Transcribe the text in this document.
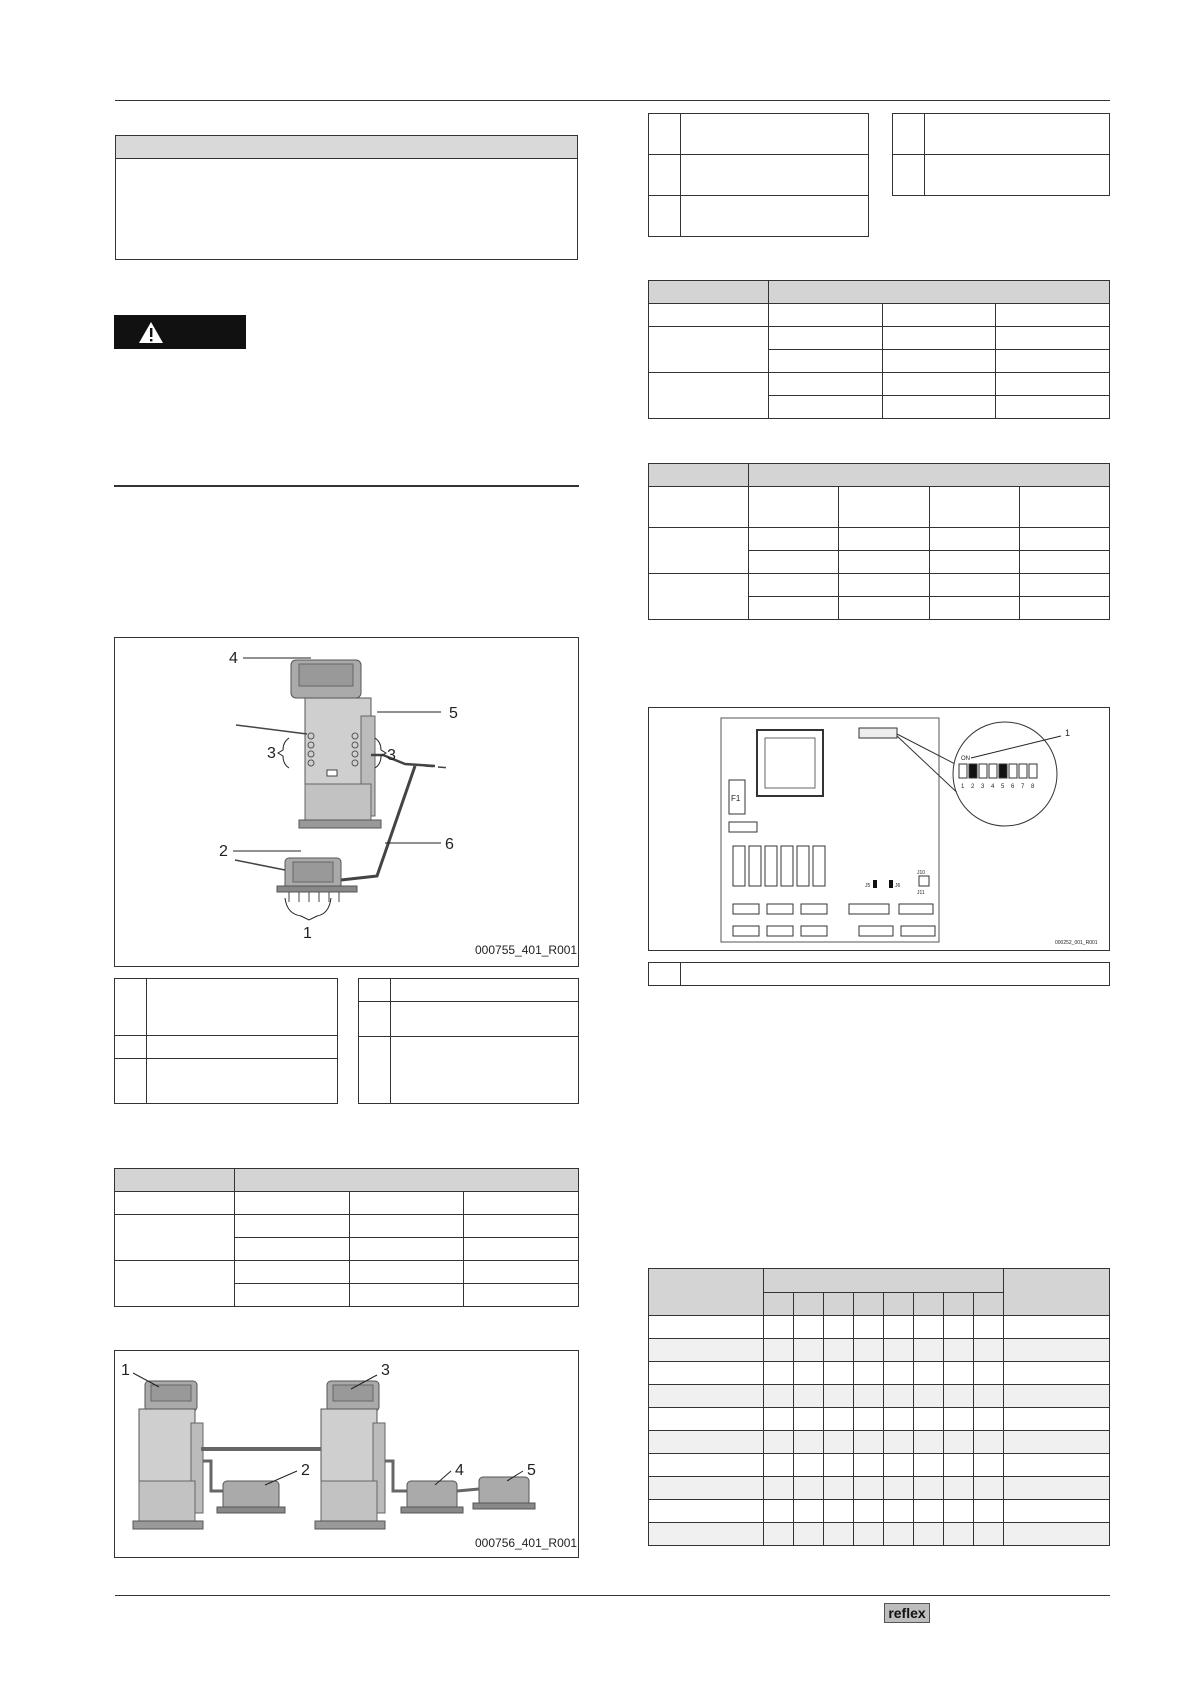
4
5
3	3
2	6
1
000755_401_R001

1	3
2	4	5
000756_401_R001

F1
J5	J6
J10
J11
ON
1 2 3 4 5 6 7 8
1
000252_001_R001

reflex
